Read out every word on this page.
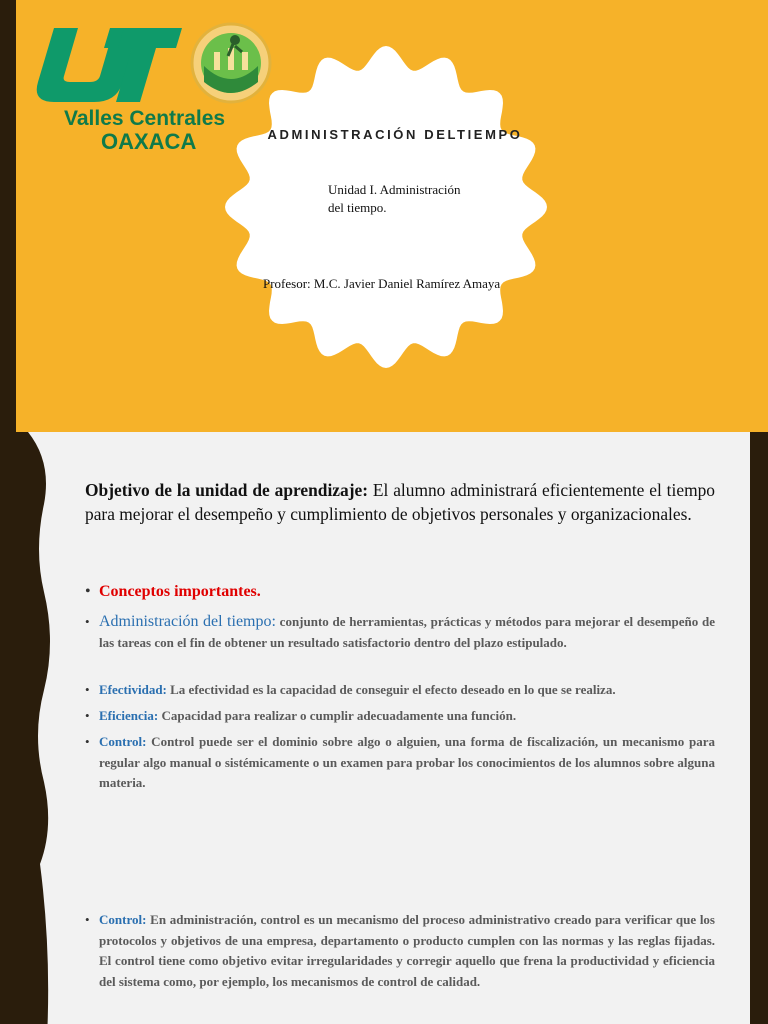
Valles Centrales
OAXACA	ADMINISTRACIÓN DELTIEMPO
Unidad I. Administración
del tiempo.
Profesor: M.C. Javier Daniel Ramírez Amaya
Objetivo de la unidad de aprendizaje: El alumno administrará eficientemente el tiempo para mejorar el desempeño y cumplimiento de objetivos personales y organizacionales.
• Conceptos importantes.
• Administración del tiempo: conjunto de herramientas, prácticas y métodos para mejorar el desempeño de las tareas con el fin de obtener un resultado satisfactorio dentro del plazo estipulado.
• Efectividad: La efectividad es la capacidad de conseguir el efecto deseado en lo que se realiza.
• Eficiencia: Capacidad para realizar o cumplir adecuadamente una función.
• Control: Control puede ser el dominio sobre algo o alguien, una forma de fiscalización, un mecanismo para regular algo manual o sistémicamente o un examen para probar los conocimientos de los alumnos sobre alguna materia.
• Control: En administración, control es un mecanismo del proceso administrativo creado para verificar que los protocolos y objetivos de una empresa, departamento o producto cumplen con las normas y las reglas fijadas. El control tiene como objetivo evitar irregularidades y corregir aquello que frena la productividad y eficiencia del sistema como, por ejemplo, los mecanismos de control de calidad.
